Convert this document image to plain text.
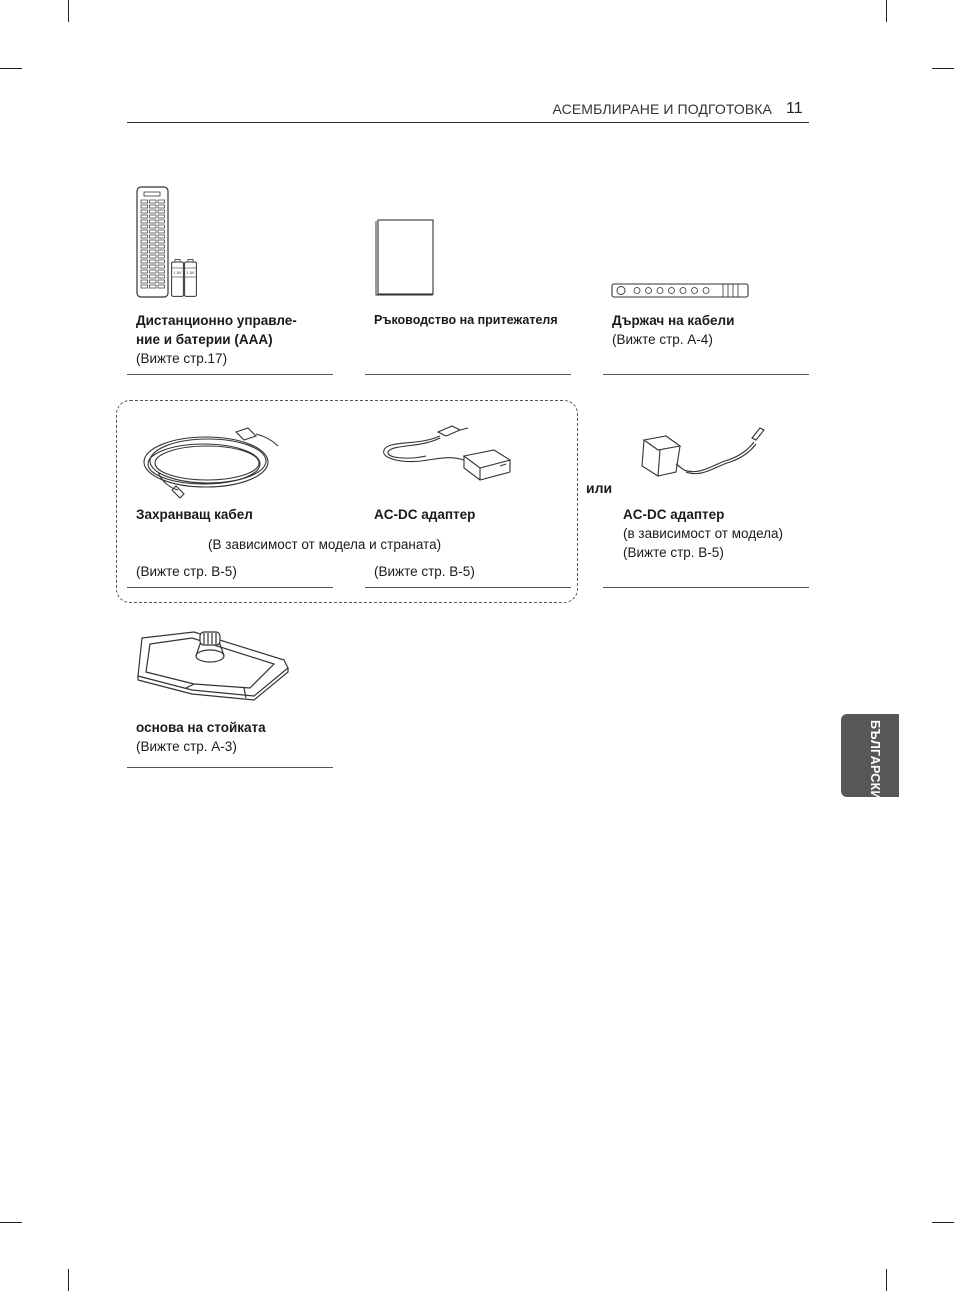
АСЕМБЛИРАНЕ И ПОДГОТОВКА 11
1.5V 1.5V
Дистанционно управле-
ние и батерии (AAA)
(Вижте стр.17)
Ръководство на притежателя	Държач на кабели
(Вижте стр. A-4)
Захранващ кабел
(Вижте стр. B-5)
AC-DC адаптер
(Вижте стр. B-5)
(В зависимост от модела и страната)
или
AC-DC адаптер
(в зависимост от модела)
(Вижте стр. B-5)
основа на стойката
(Вижте стр. A-3)	БЪЛГАРСКИ
